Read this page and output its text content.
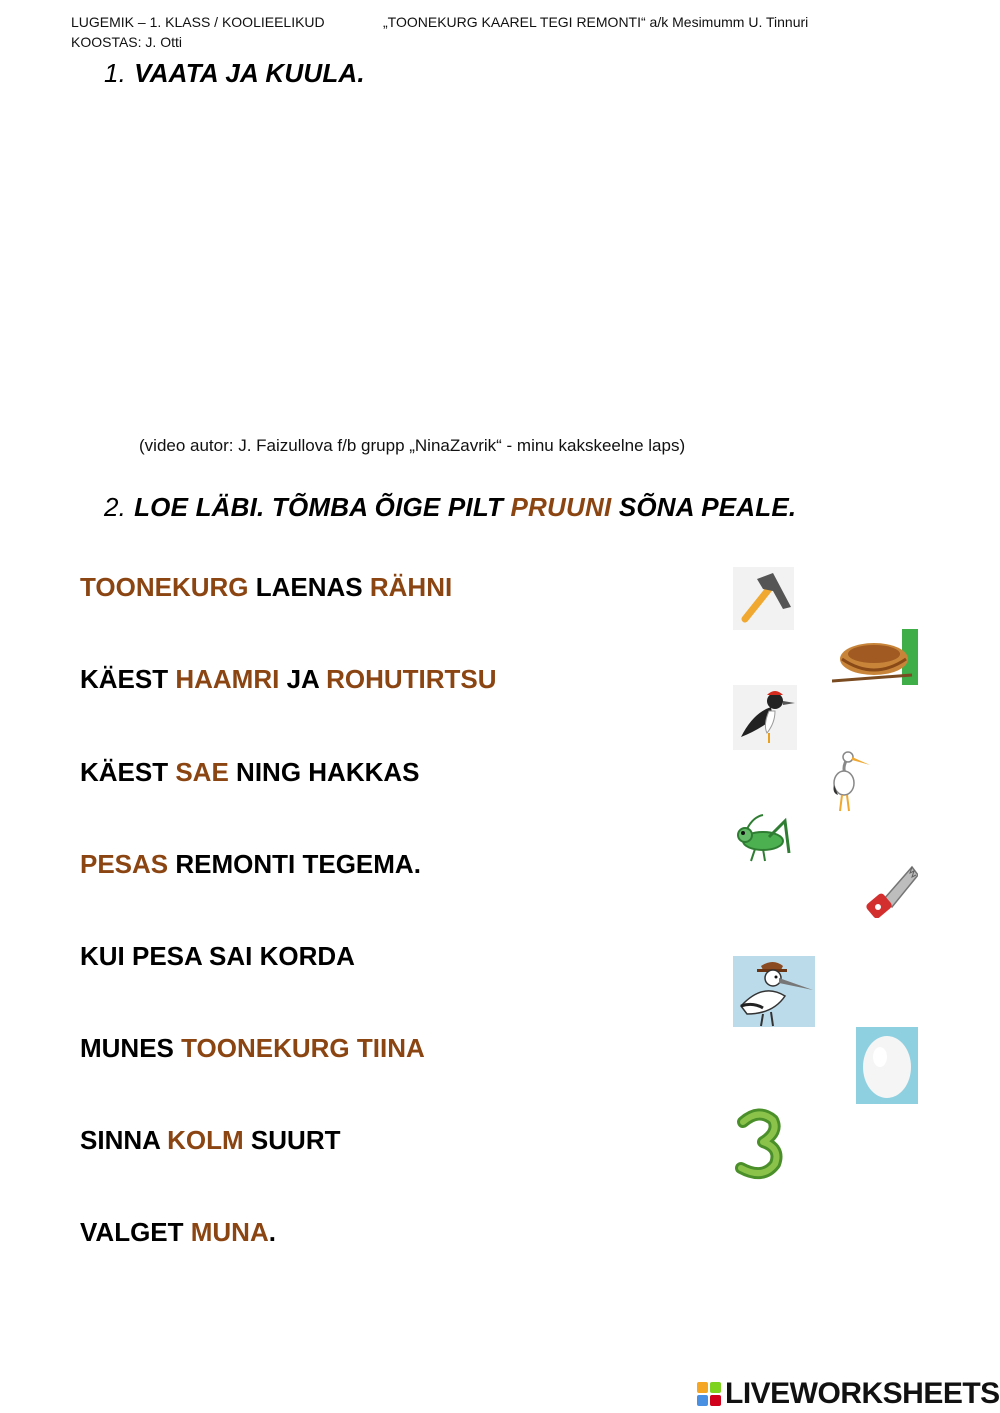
LUGEMIK – 1. KLASS / KOOLIEELIKUD
KOOSTAS: J. Otti
„TOONEKURG KAAREL TEGI REMONTI“ a/k Mesimumm U. Tinnuri
1. VAATA JA KUULA.
(video autor: J. Faizullova f/b grupp „NinaZavrik“ - minu kakskeelne laps)
2. LOE LÄBI. TÕMBA ÕIGE PILT PRUUNI SÕNA PEALE.
TOONEKURG LAENAS RÄHNI
KÄEST HAAMRI JA ROHUTIRTSU
KÄEST SAE NING HAKKAS
PESAS REMONTI TEGEMA.
KUI PESA SAI KORDA
MUNES TOONEKURG TIINA
SINNA KOLM SUURT
VALGET MUNA.
LIVEWORKSHEETS
